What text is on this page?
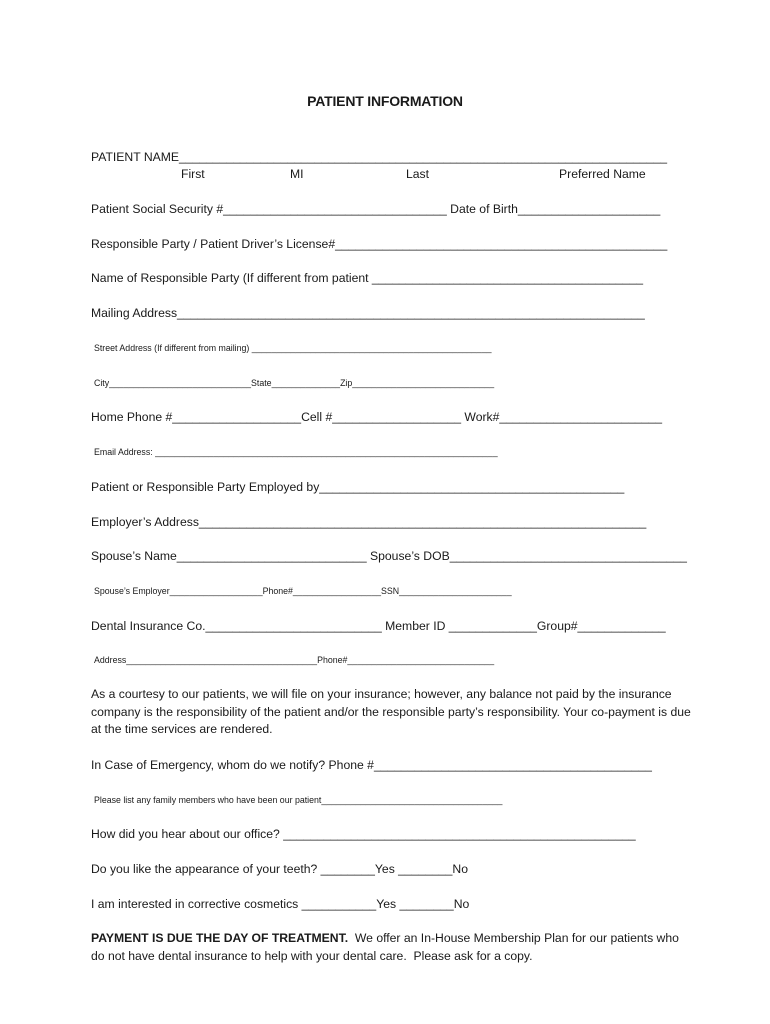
PATIENT INFORMATION
PATIENT NAME________________________________________________________________________
First	MI	Last	Preferred Name
Patient Social Security #_________________________________ Date of Birth_____________________
Responsible Party / Patient Driver’s License#_________________________________________________
Name of Responsible Party (If different from patient ________________________________________
Mailing Address_____________________________________________________________________
Street Address (If different from mailing) _________________________________________________
City_____________________________State______________Zip_____________________________
Home Phone #___________________Cell #___________________ Work#________________________
Email Address: ______________________________________________________________________
Patient or Responsible Party Employed by_____________________________________________
Employer’s Address__________________________________________________________________
Spouse’s Name____________________________ Spouse’s DOB___________________________________
Spouse’s Employer___________________Phone#__________________SSN_______________________
Dental Insurance Co.__________________________ Member ID _____________Group#_____________
Address_______________________________________Phone#______________________________
As a courtesy to our patients, we will file on your insurance; however, any balance not paid by the insurance company is the responsibility of the patient and/or the responsible party’s responsibility. Your co-payment is due at the time services are rendered.
In Case of Emergency, whom do we notify? Phone #_________________________________________
Please list any family members who have been our patient_____________________________________
How did you hear about our office? ____________________________________________________
Do you like the appearance of your teeth? ________Yes ________No
I am interested in corrective cosmetics ___________Yes ________No
PAYMENT IS DUE THE DAY OF TREATMENT.  We offer an In-House Membership Plan for our patients who do not have dental insurance to help with your dental care.  Please ask for a copy.
